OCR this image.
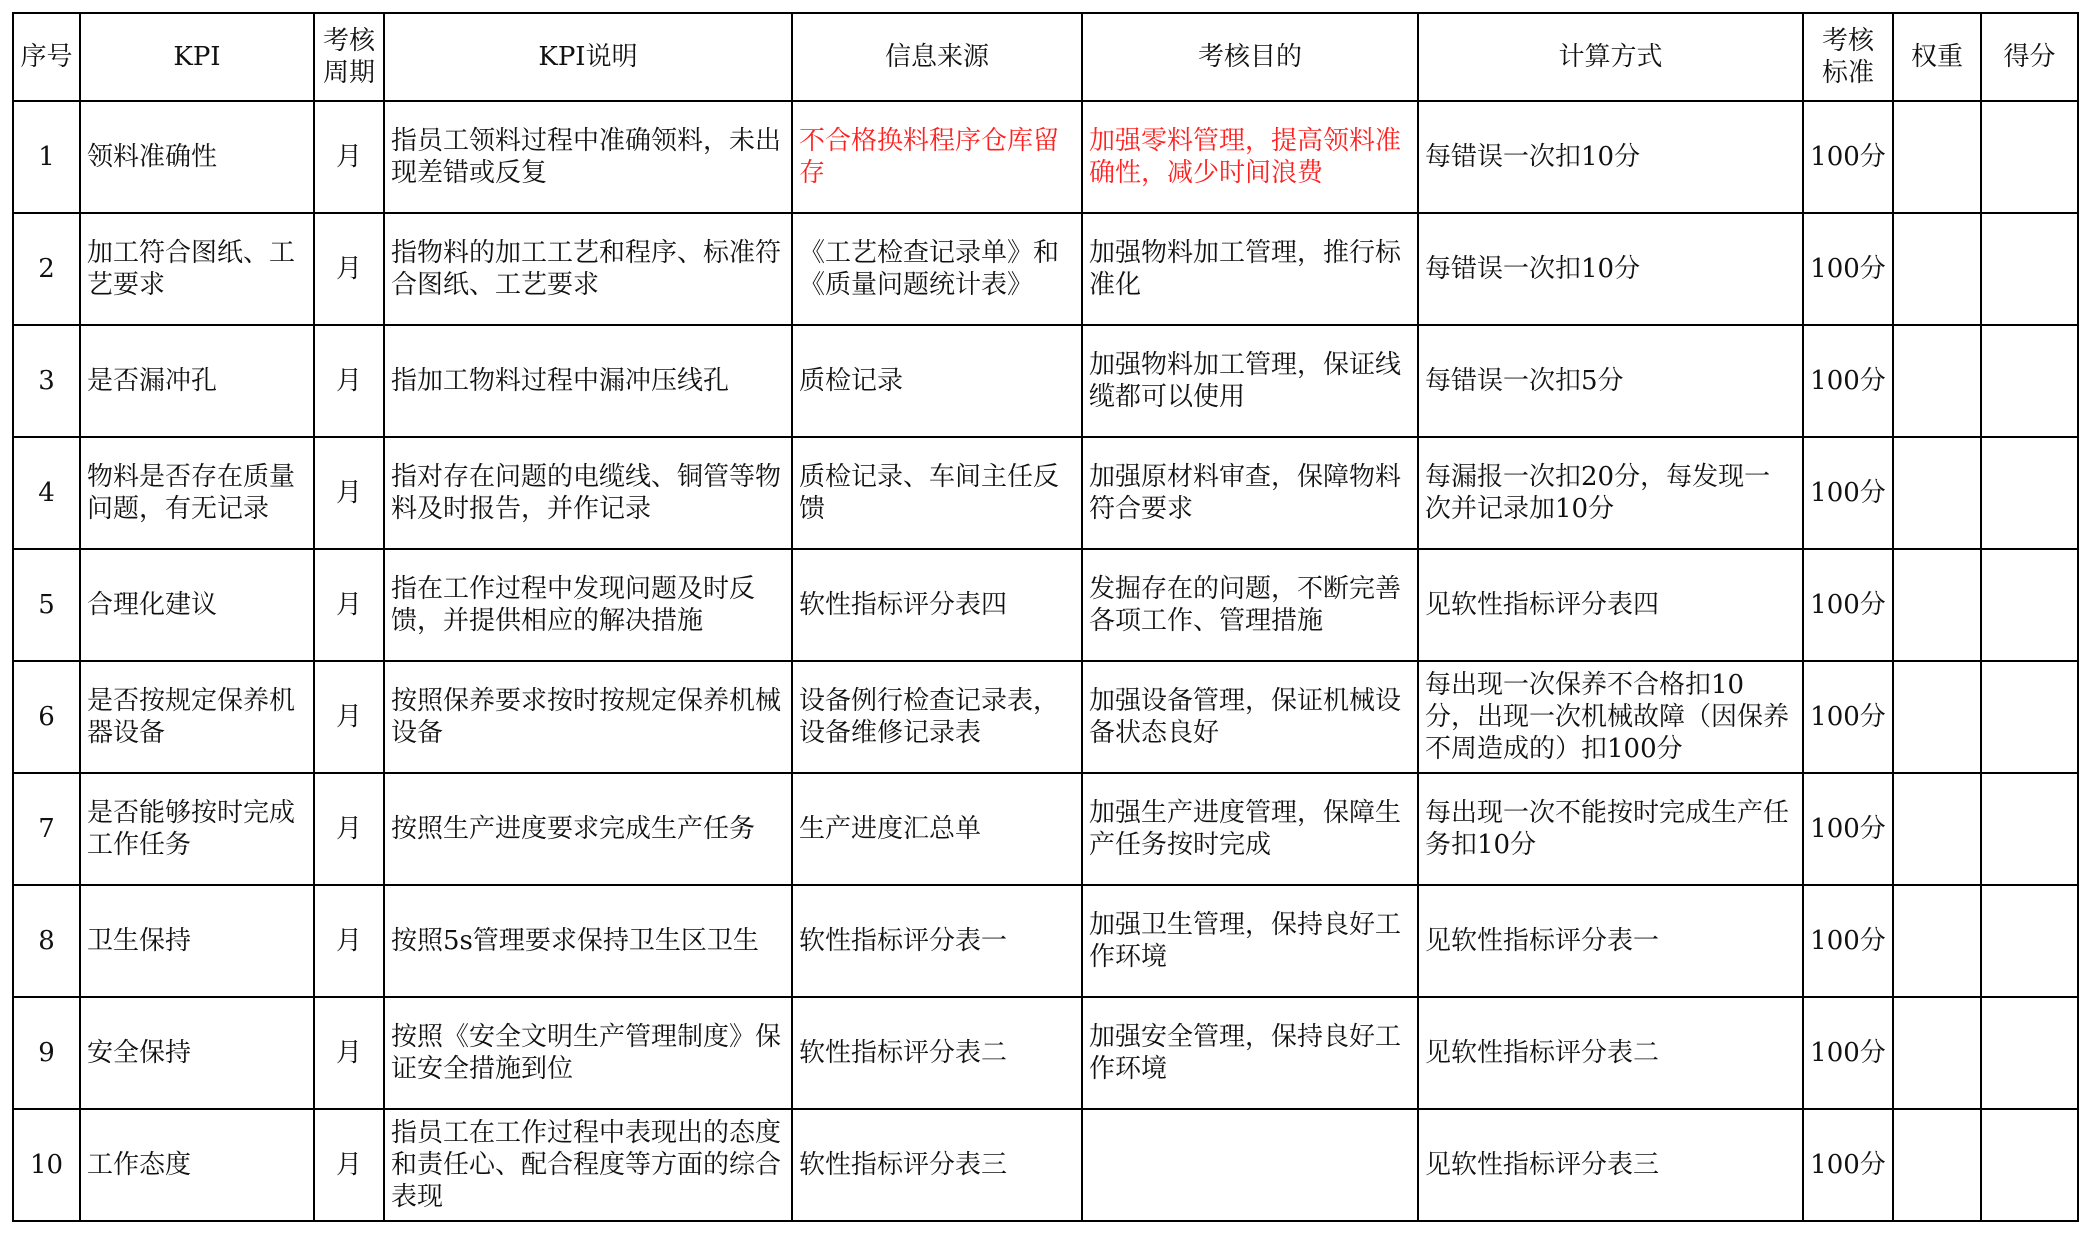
序号	KPI	考核周期	KPI说明	信息来源	考核目的	计算方式	考核标准	权重	得分
1	领料准确性	月	指员工领料过程中准确领料，未出现差错或反复	不合格换料程序仓库留存	加强零料管理，提高领料准确性，减少时间浪费	每错误一次扣10分	100分		
2	加工符合图纸、工艺要求	月	指物料的加工工艺和程序、标准符合图纸、工艺要求	《工艺检查记录单》和《质量问题统计表》	加强物料加工管理，推行标准化	每错误一次扣10分	100分		
3	是否漏冲孔	月	指加工物料过程中漏冲压线孔	质检记录	加强物料加工管理，保证线缆都可以使用	每错误一次扣5分	100分		
4	物料是否存在质量问题，有无记录	月	指对存在问题的电缆线、铜管等物料及时报告，并作记录	质检记录、车间主任反馈	加强原材料审查，保障物料符合要求	每漏报一次扣20分，每发现一次并记录加10分	100分		
5	合理化建议	月	指在工作过程中发现问题及时反馈，并提供相应的解决措施	软性指标评分表四	发掘存在的问题，不断完善各项工作、管理措施	见软性指标评分表四	100分		
6	是否按规定保养机器设备	月	按照保养要求按时按规定保养机械设备	设备例行检查记录表，设备维修记录表	加强设备管理，保证机械设备状态良好	每出现一次保养不合格扣10分，出现一次机械故障（因保养不周造成的）扣100分	100分		
7	是否能够按时完成工作任务	月	按照生产进度要求完成生产任务	生产进度汇总单	加强生产进度管理，保障生产任务按时完成	每出现一次不能按时完成生产任务扣10分	100分		
8	卫生保持	月	按照5s管理要求保持卫生区卫生	软性指标评分表一	加强卫生管理，保持良好工作环境	见软性指标评分表一	100分		
9	安全保持	月	按照《安全文明生产管理制度》保证安全措施到位	软性指标评分表二	加强安全管理，保持良好工作环境	见软性指标评分表二	100分		
10	工作态度	月	指员工在工作过程中表现出的态度和责任心、配合程度等方面的综合表现	软性指标评分表三		见软性指标评分表三	100分		
